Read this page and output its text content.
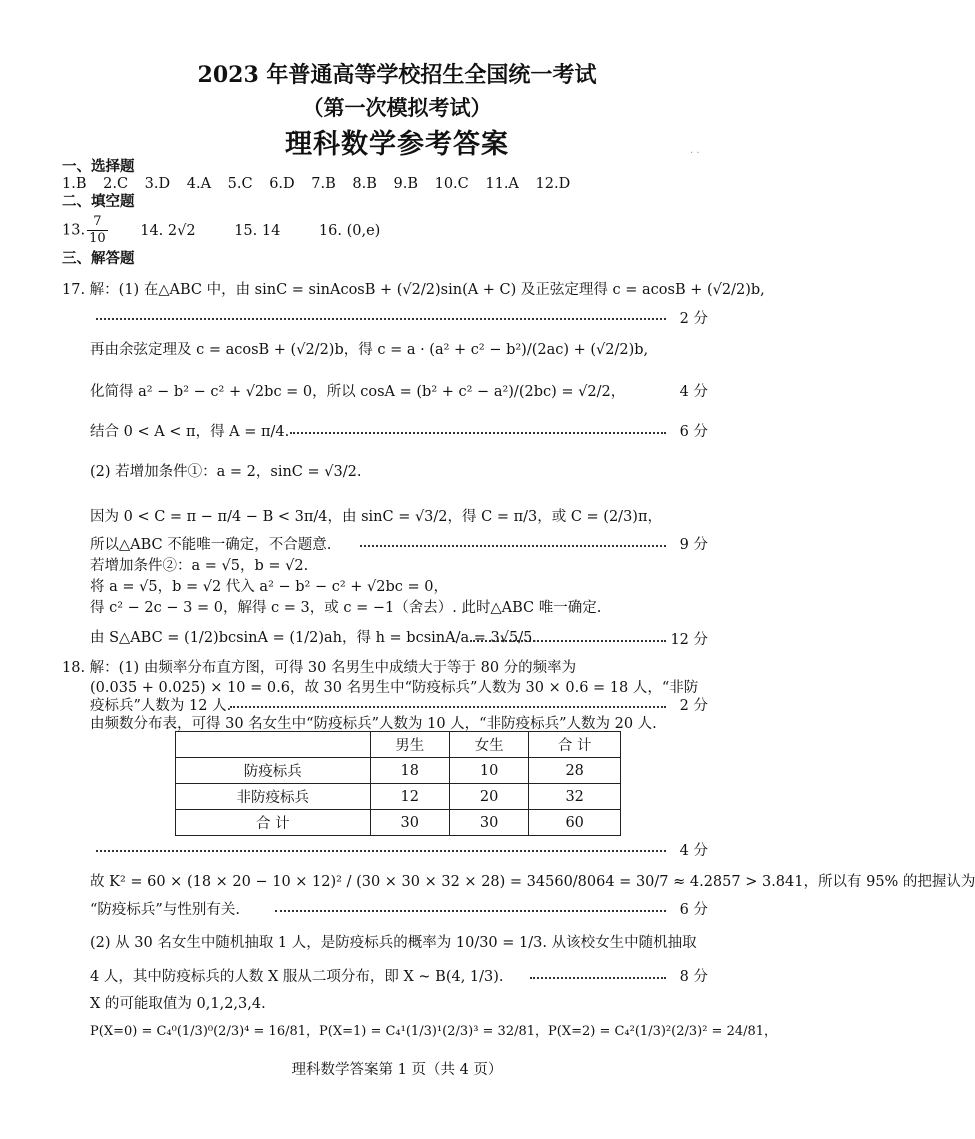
2023 年普通高等学校招生全国统一考试
（第一次模拟考试）
理科数学参考答案	· ·
一、选择题
1.B 2.C 3.D 4.A 5.C 6.D 7.B 8.B 9.B 10.C 11.A 12.D
二、填空题
13. $\frac{7}{10} 14$. 2√2	15. 14	16. (0,e)
三、解答题
17. 解：(1) 在△ABC 中，由 sinC = sinAcosB + (√2/2)sin(A + C) 及正弦定理得 c = acosB + (√2/2)b,
2 分
再由余弦定理及 c = acosB + (√2/2)b，得 c = a · (a² + c² − b²)/(2ac) + (√2/2)b,
化简得 a² − b² − c² + √2bc = 0，所以 cosA = (b² + c² − a²)/(2bc) = √2/2，	4 分
结合 0 < A < π，得 A = π/4.	6 分
(2) 若增加条件①：a = 2，sinC = √3/2.
因为 0 < C = π − π/4 − B < 3π/4，由 sinC = √3/2，得 C = π/3，或 C = (2/3)π，
所以△ABC 不能唯一确定，不合题意.	9 分
若增加条件②：a = √5，b = √2.
将 a = √5，b = √2 代入 a² − b² − c² + √2bc = 0，
得 c² − 2c − 3 = 0，解得 c = 3，或 c = −1（舍去）. 此时△ABC 唯一确定.
由 S△ABC = (1/2)bcsinA = (1/2)ah，得 h = bcsinA/a = 3√5/5.	12 分
18. 解：(1) 由频率分布直方图，可得 30 名男生中成绩大于等于 80 分的频率为
(0.035 + 0.025) × 10 = 0.6，故 30 名男生中“防疫标兵”人数为 30 × 0.6 = 18 人，“非防
疫标兵”人数为 12 人.	2 分
由频数分布表，可得 30 名女生中“防疫标兵”人数为 10 人，“非防疫标兵”人数为 20 人.
	男生	女生	合 计
防疫标兵	18	10	28
非防疫标兵	12	20	32
合 计	30	30	60
4 分
故 K² = 60 × (18 × 20 − 10 × 12)² / (30 × 30 × 32 × 28) = 34560/8064 = 30/7 ≈ 4.2857 > 3.841，所以有 95% 的把握认为
“防疫标兵”与性别有关.	6 分
(2) 从 30 名女生中随机抽取 1 人，是防疫标兵的概率为 10/30 = 1/3. 从该校女生中随机抽取
4 人，其中防疫标兵的人数 X 服从二项分布，即 X ~ B(4, 1/3).	8 分
X 的可能取值为 0,1,2,3,4.
P(X=0) = C₄⁰(1/3)⁰(2/3)⁴ = 16/81，P(X=1) = C₄¹(1/3)¹(2/3)³ = 32/81，P(X=2) = C₄²(1/3)²(2/3)² = 24/81，
理科数学答案第 1 页（共 4 页）
